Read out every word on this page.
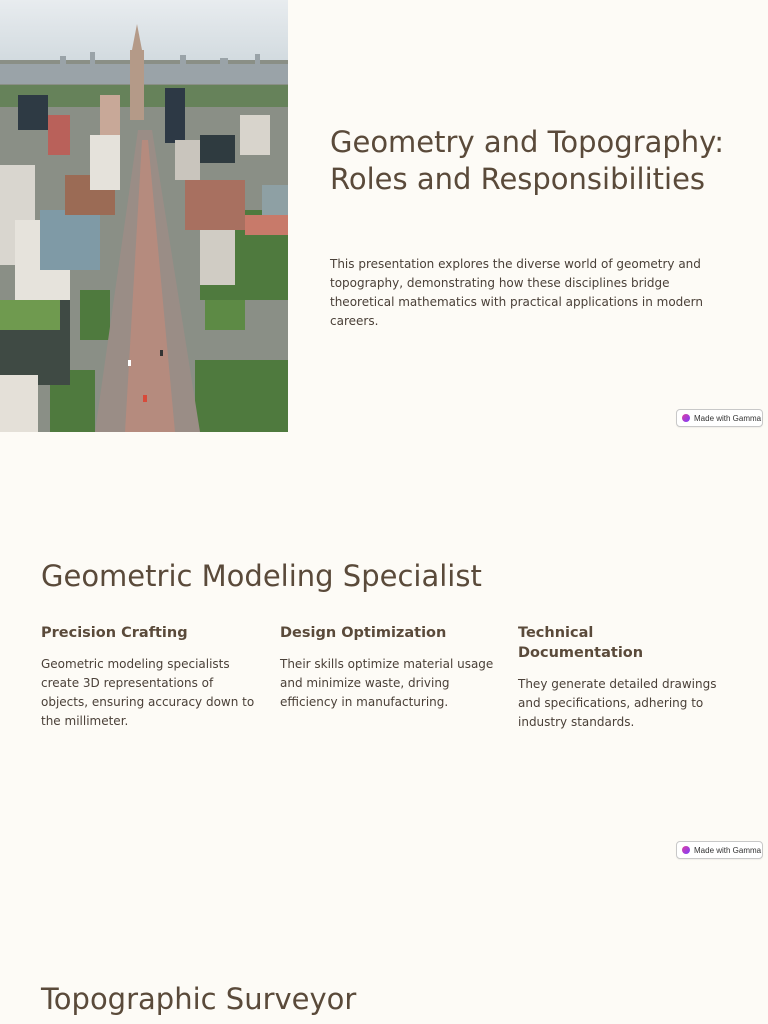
Geometry and Topography: Roles and Responsibilities

This presentation explores the diverse world of geometry and topography, demonstrating how these disciplines bridge theoretical mathematics with practical applications in modern careers.

Made with Gamma
Geometric Modeling Specialist
Precision Crafting

Geometric modeling specialists create 3D representations of objects, ensuring accuracy down to the millimeter.

Design Optimization

Their skills optimize material usage and minimize waste, driving efficiency in manufacturing.

Technical Documentation

They generate detailed drawings and specifications, adhering to industry standards.

Made with Gamma
Topographic Surveyor
